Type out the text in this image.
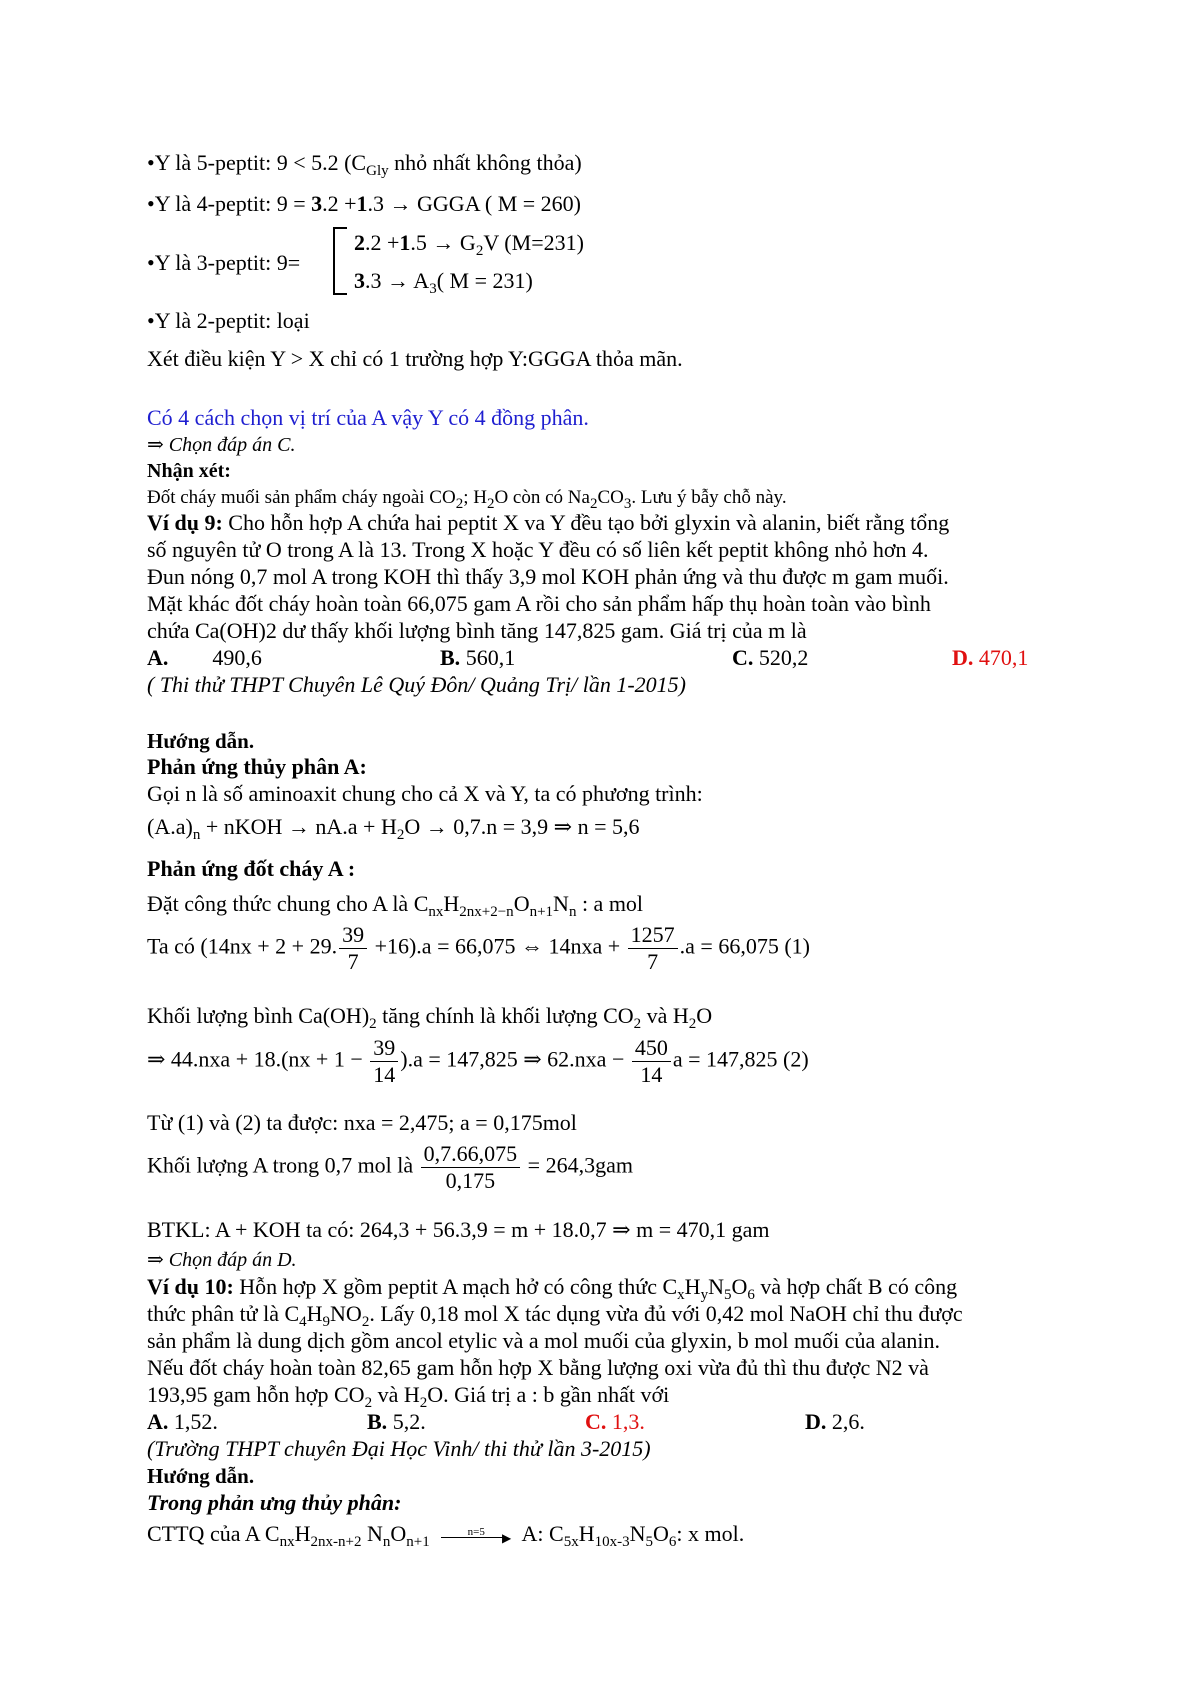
•Y là 5-peptit: 9 < 5.2 ($C_{Gly}$ nhỏ nhất không thỏa)
•Y là 4-peptit: 9 = 3.2 +1.3 → GGGA ( M = 260)
•Y là 3-peptit: 9=
$2.2 +1.5 \to G_2V$ (M=231)
$3.3 \to A_3$( M = 231)
•Y là 2-peptit: loại
Xét điều kiện Y > X chỉ có 1 trường hợp Y:GGGA thỏa mãn.
Có 4 cách chọn vị trí của A vậy Y có 4 đồng phân.
⇒ Chọn đáp án C.
Nhận xét:
Đốt cháy muối sản phẩm cháy ngoài $CO_2$; $H_2O$ còn có $Na_2CO_3$. Lưu ý bẫy chỗ này.
Ví dụ 9: Cho hỗn hợp A chứa hai peptit X va Y đều tạo bởi glyxin và alanin, biết rằng tổng
số nguyên tử O trong A là 13. Trong X hoặc Y đều có số liên kết peptit không nhỏ hơn 4.
Đun nóng 0,7 mol A trong KOH thì thấy 3,9 mol KOH phản ứng và thu được m gam muối.
Mặt khác đốt cháy hoàn toàn 66,075 gam A rồi cho sản phẩm hấp thụ hoàn toàn vào bình
chứa Ca(OH)2 dư thấy khối lượng bình tăng 147,825 gam. Giá trị của m là
A. 490,6	B. 560,1	C. 520,2	D. 470,1
( Thi thử THPT Chuyên Lê Quý Đôn/ Quảng Trị/ lần 1-2015)
Hướng dẫn.
Phản ứng thủy phân A:
Gọi n là số aminoaxit chung cho cả X và Y, ta có phương trình:
$(A.a)_n$ + nKOH → $nA.a + H_2O \to 0,7.n = 3,9$ ⇒ n = 5,6
Phản ứng đốt cháy A :
Đặt công thức chung cho A là $C_{nx}H_{2nx+2-n}O_{n+1}N_n$ : a mol
Ta có (14nx + 2 + 29. $\frac{39}{7} +16).a = 66,075$ ⇔ $14nxa + \frac{1257}{7} .a = 66,075$ (1)
Khối lượng bình $Ca(OH)_2$ tăng chính là khối lượng $CO_2$ và $H_2O$
⇒ $44.nxa + 18.(nx + 1 - \frac{39}{14} ).a = 147,825$ ⇒ $62.nxa - \frac{450}{14}$ a = 147,825 (2)
Từ (1) và (2) ta được: nxa = 2,475; a = 0,175mol
Khối lượng A trong 0,7 mol là $\frac{0,7.66,075}{0,175} = 264,3gam$
BTKL: A + KOH ta có: 264,3 + 56.3,9 = m + 18.0,7 ⇒ m = 470,1 gam
⇒ Chọn đáp án D.
Ví dụ 10: Hỗn hợp X gồm peptit A mạch hở có công thức $C_xH_yN_5O_6$ và hợp chất B có công
thức phân tử là $C_4H_9NO_2$. Lấy 0,18 mol X tác dụng vừa đủ với 0,42 mol NaOH chỉ thu được
sản phẩm là dung dịch gồm ancol etylic và a mol muối của glyxin, b mol muối của alanin.
Nếu đốt cháy hoàn toàn 82,65 gam hỗn hợp X bằng lượng oxi vừa đủ thì thu được N2 và
193,95 gam hỗn hợp $CO_2$ và $H_2O$. Giá trị a : b gần nhất với
A. 1,52.	B. 5,2.	C. 1,3.	D. 2,6.
(Trường THPT chuyên Đại Học Vinh/ thi thử lần 3-2015)
Hướng dẫn.
Trong phản ưng thủy phân:
CTTQ của A $C_{nx}H_{2nx-n+2}$ $N_nO_{n+1}$
n=5	▶ A: $C_{5x}H_{10x-3}N_5O_6$: x mol.
